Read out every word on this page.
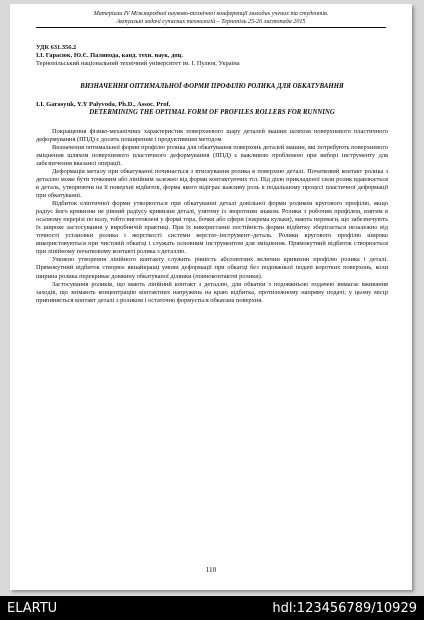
Матеріали IV Міжнародної науково-технічної конференції молодих учених та студентів.
Актуальні задачі сучасних технологій – Тернопіль 25-26 листопада 2015
УДК 631.356.2
І.І. Гарасюк, Ю.Є. Паливода, канд. техн. наук, доц.
Тернопільський національний технічний університет ім. І. Пулюя, Україна
ВИЗНАЧЕННЯ ОПТИМАЛЬНОЇ ФОРМИ ПРОФІЛЮ РОЛИКА ДЛЯ ОБКАТУВАННЯ
I.I. Garasyuk, Y.Y Palyvoda, Ph.D., Assoc. Prof.
DETERMINING THE OPTIMAL FORM OF PROFILES ROLLERS FOR RUNNING

Покращення фізико-механічних характеристик поверхневого шару деталей машин шляхом поверхневого пластичного деформування (ППД) є досить поширеним і продуктивним методом

Визначення оптимальної форми профілю ролика для обкатування поверхонь деталей машин, які потребують поверхневого зміцнення шляхом поверхневого пластичного деформування (ППД) є важливою проблемою при виборі інструменту для забезпечення вказаної операції.

Деформація металу при обкатуванні починається з втискування ролика в поверхню деталі. Початковий контакт ролика з деталлю може бути точковим або лінійним залежно від форми контактуючих тіл. Під дією прикладеної сили ролик вдавлюється в деталь, утворюючи на її поверхні відбиток, форма якого відіграє важливу роль в подальшому процесі пластичної деформації при обкатуванні.

Відбиток еліптичної форми утворюється при обкатуванні деталі довільної форми роликом кругового профілю, якщо радіус його кривизни не рівний радіусу кривизни деталі, узятому із зворотним знаком. Ролики з робочим профілем, взятим в осьовому перерізі по колу, тобто виготовлені у формі тора, бочки або сфери (зокрема кульки), мають переваги, що забезпечують їх широке застосування у виробничій практиці. При їх використанні постійність форми відбитку зберігається незалежно від точності установки ролика і жорсткості системи верстат–інструмент–деталь. Ролики кругового профілю широко використовуються при чистовій обкатці і служать основним інструментом для зміцнення. Прямокутний відбиток створюється при лінійному початковому контакті ролика з деталлю.

Умовою утворення лінійного контакту служить рівність абсолютних величин кривизни профілю ролика і деталі. Прямокутний відбиток створює якнайкращі умови деформації при обкатці без подовжньої подачі коротких поверхонь, коли ширина ролика перекриває довжину обкатуваної ділянки (повноконтактні ролики).

Застосування роликів, що мають лінійний контакт з деталлю, для обкатки з подовжньою подачею вимагає вживання заходів, що знімають концентрацію контактних напружень на краю відбитка, протилежному напряму подачі; у цьому місці припиняється контакт деталі з роликом і остаточно формується обкатана поверхня.

110
ELARTU	hdl:123456789/10929
